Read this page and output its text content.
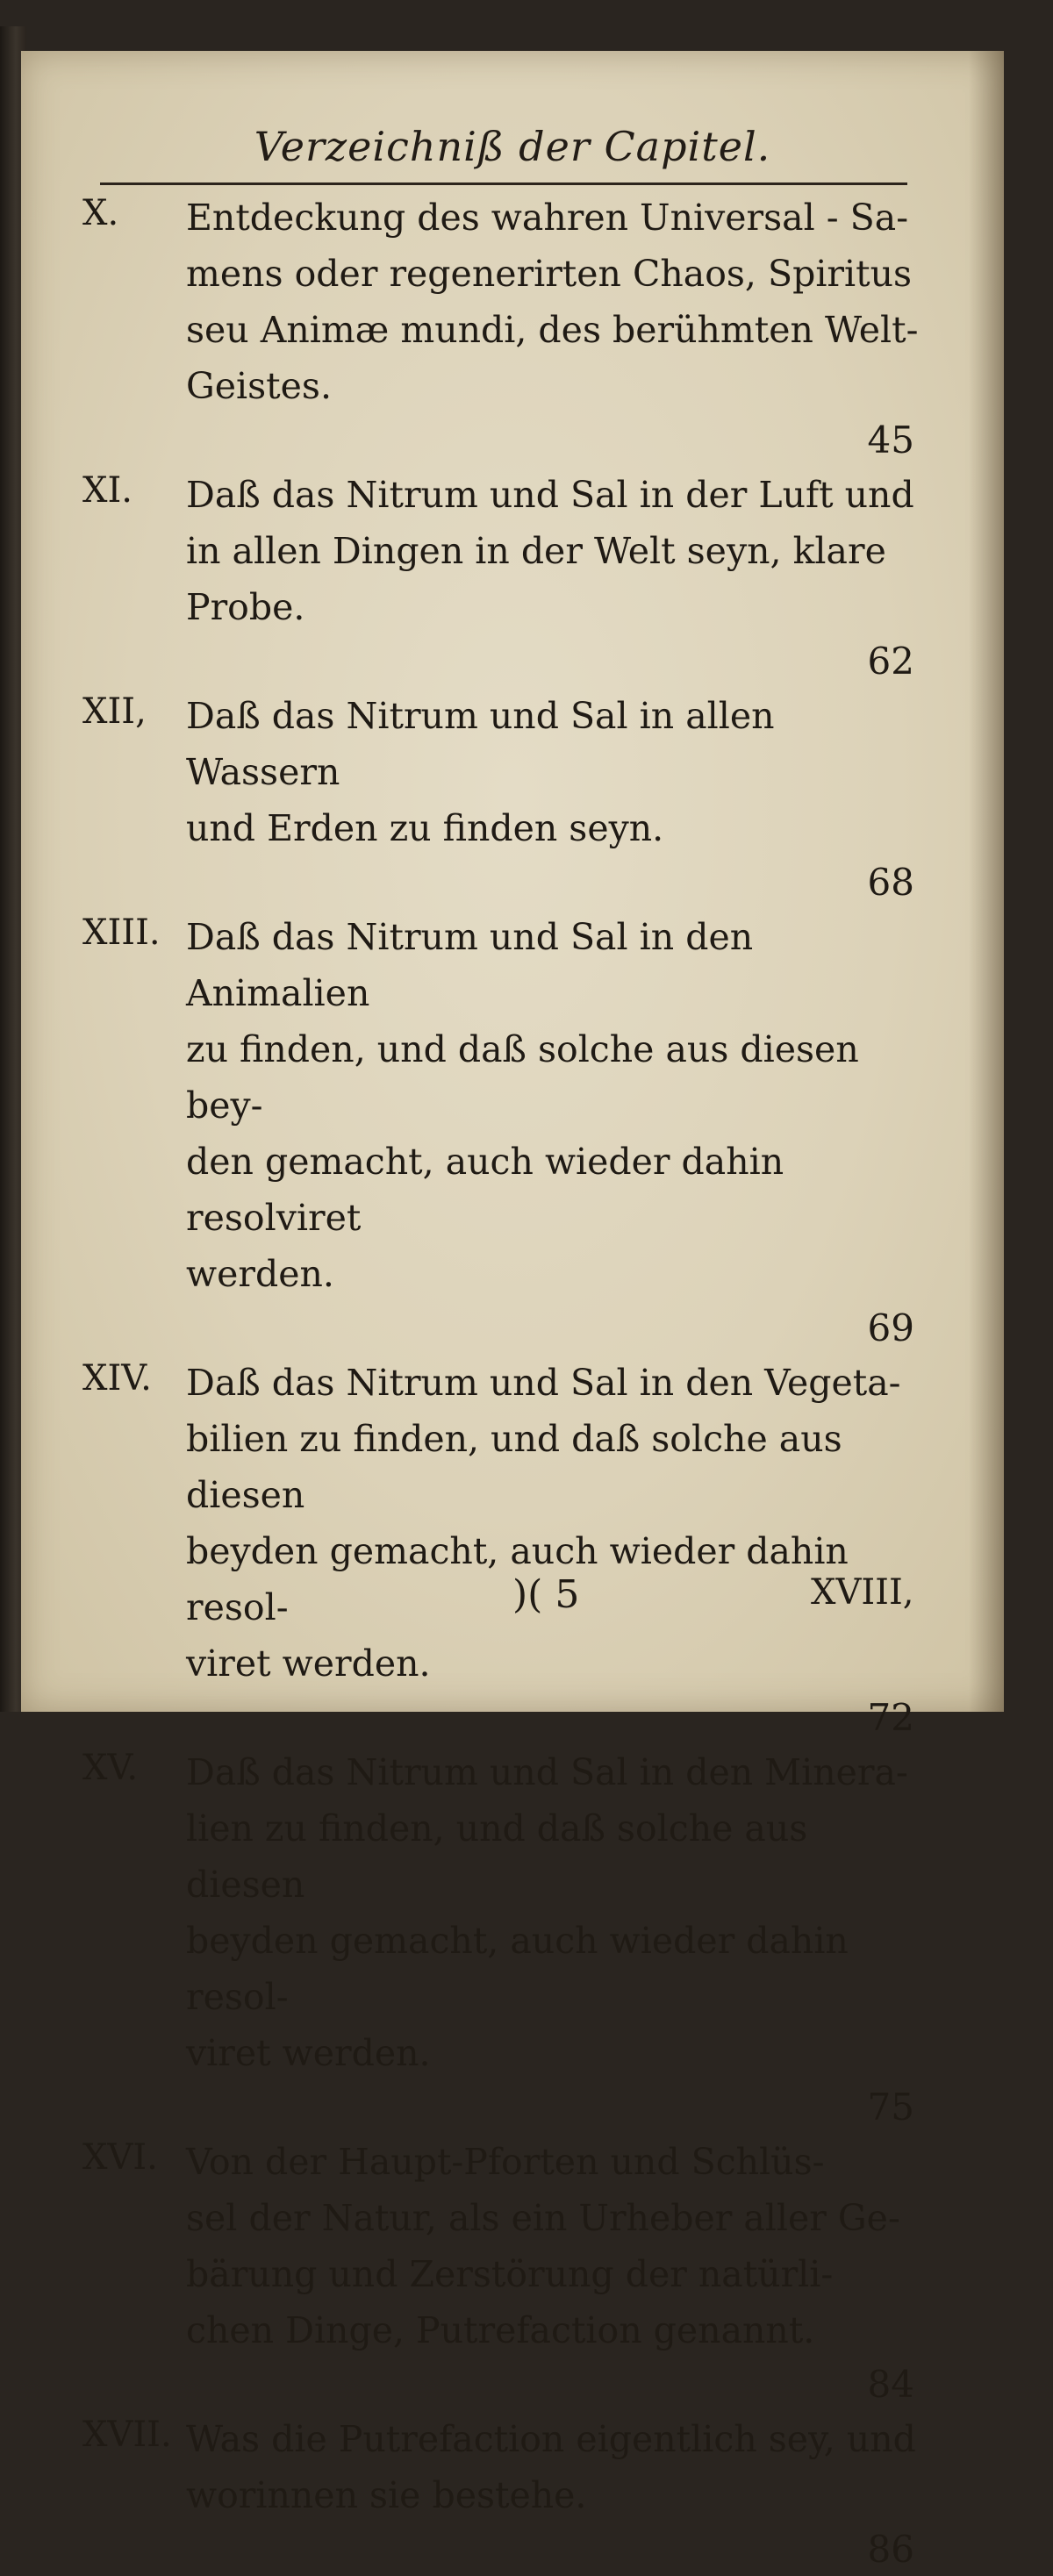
Verzeichniß der Capitel.
X. Entdeckung des wahren Universal - Sa-
mens oder regenerirten Chaos, Spiritus
seu Animæ mundi, des berühmten Welt-
Geistes.
45
XI. Daß das Nitrum und Sal in der Luft und
in allen Dingen in der Welt seyn, klare
Probe.
62
XII, Daß das Nitrum und Sal in allen Wassern
und Erden zu finden seyn.
68
XIII. Daß das Nitrum und Sal in den Animalien
zu finden, und daß solche aus diesen bey-
den gemacht, auch wieder dahin resolviret
werden.
69
XIV. Daß das Nitrum und Sal in den Vegeta-
bilien zu finden, und daß solche aus diesen
beyden gemacht, auch wieder dahin resol-
viret werden.
72
XV. Daß das Nitrum und Sal in den Minera-
lien zu finden, und daß solche aus diesen
beyden gemacht, auch wieder dahin resol-
viret werden.
75
XVI. Von der Haupt-Pforten und Schlüs-
sel der Natur, als ein Urheber aller Ge-
bärung und Zerstörung der natürli-
chen Dinge, Putrefaction genannt.
84
XVII. Was die Putrefaction eigentlich sey, und
worinnen sie bestehe.
86
)( 5	XVIII,
